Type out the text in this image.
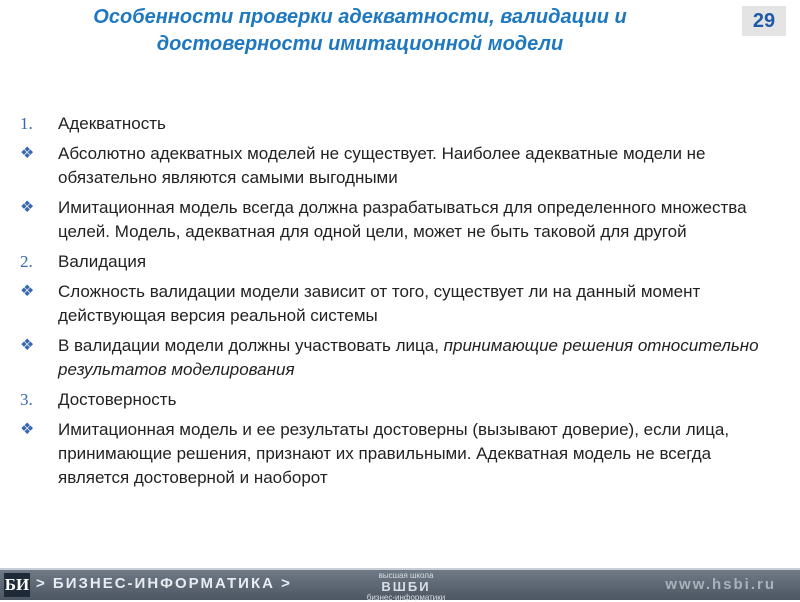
Особенности проверки адекватности, валидации и
достоверности имитационной модели
29
1.	Адекватность
❖	Абсолютно адекватных моделей не существует. Наиболее адекватные модели не обязательно являются самыми выгодными
❖	Имитационная модель всегда должна разрабатываться для определенного множества целей. Модель, адекватная для одной цели, может не быть таковой для другой
2.	Валидация
❖	Сложность валидации модели зависит от того, существует ли на данный момент действующая версия реальной системы
❖	В валидации модели должны участвовать лица, принимающие решения относительно результатов моделирования
3.	Достоверность
❖	Имитационная модель и ее результаты достоверны (вызывают доверие), если лица, принимающие решения, признают их правильными. Адекватная модель не всегда является достоверной и наоборот
БИ > БИЗНЕС-ИНФОРМАТИКА >	высшая школа
ВШБИ
бизнес-информатики
www.hsbi.ru
